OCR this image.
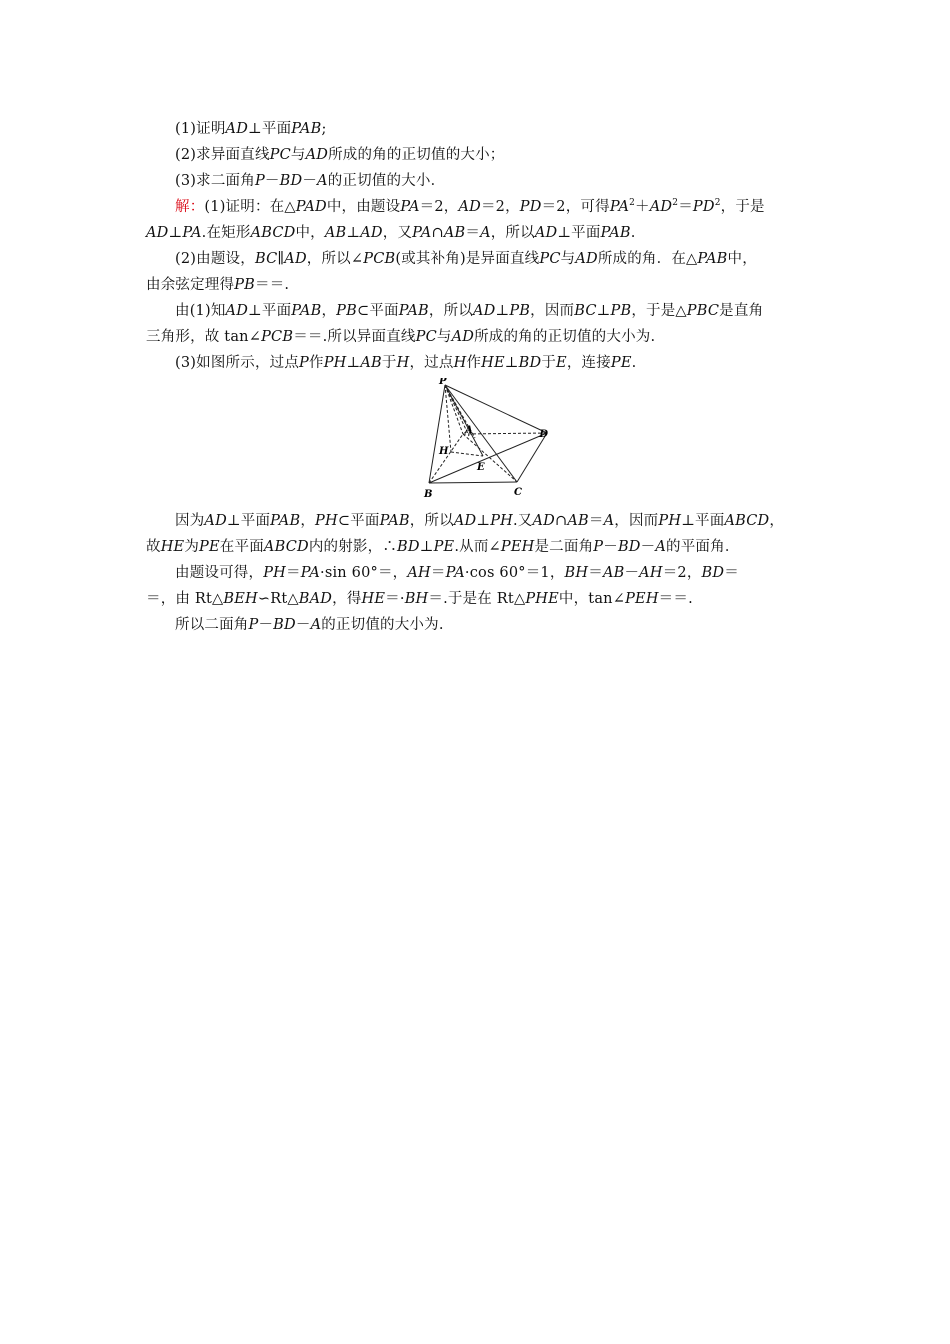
(1)证明AD⊥平面PAB;
(2)求异面直线PC与AD所成的角的正切值的大小；
(3)求二面角P－BD－A的正切值的大小．
解：(1)证明：在△PAD中，由题设PA＝2，AD＝2，PD＝2，可得$PA^2+AD^2=PD^2$，于是
AD⊥PA.在矩形ABCD中，AB⊥AD，又PA∩AB＝A，所以AD⊥平面PAB.
(2)由题设，BC∥AD，所以∠PCB(或其补角)是异面直线PC与AD所成的角．在△PAB中，
由余弦定理得PB＝＝.
由(1)知AD⊥平面PAB，PB⊂平面PAB，所以AD⊥PB，因而BC⊥PB，于是△PBC是直角
三角形，故 tan∠PCB＝＝.所以异面直线PC与AD所成的角的正切值的大小为.
(3)如图所示，过点P作PH⊥AB于H，过点H作HE⊥BD于E，连接PE.
P
A	D
H
E
B	C
因为AD⊥平面PAB，PH⊂平面PAB，所以AD⊥PH.又AD∩AB＝A，因而PH⊥平面ABCD，
故HE为PE在平面ABCD内的射影，∴BD⊥PE.从而∠PEH是二面角P－BD－A的平面角．
由题设可得，PH＝PA·sin 60°＝，AH＝PA·cos 60°＝1，BH＝AB－AH＝2，BD＝
＝，由 Rt△BEH∽Rt△BAD，得HE＝·BH＝.于是在 Rt△PHE中，tan∠PEH＝＝.
所以二面角P－BD－A的正切值的大小为.
